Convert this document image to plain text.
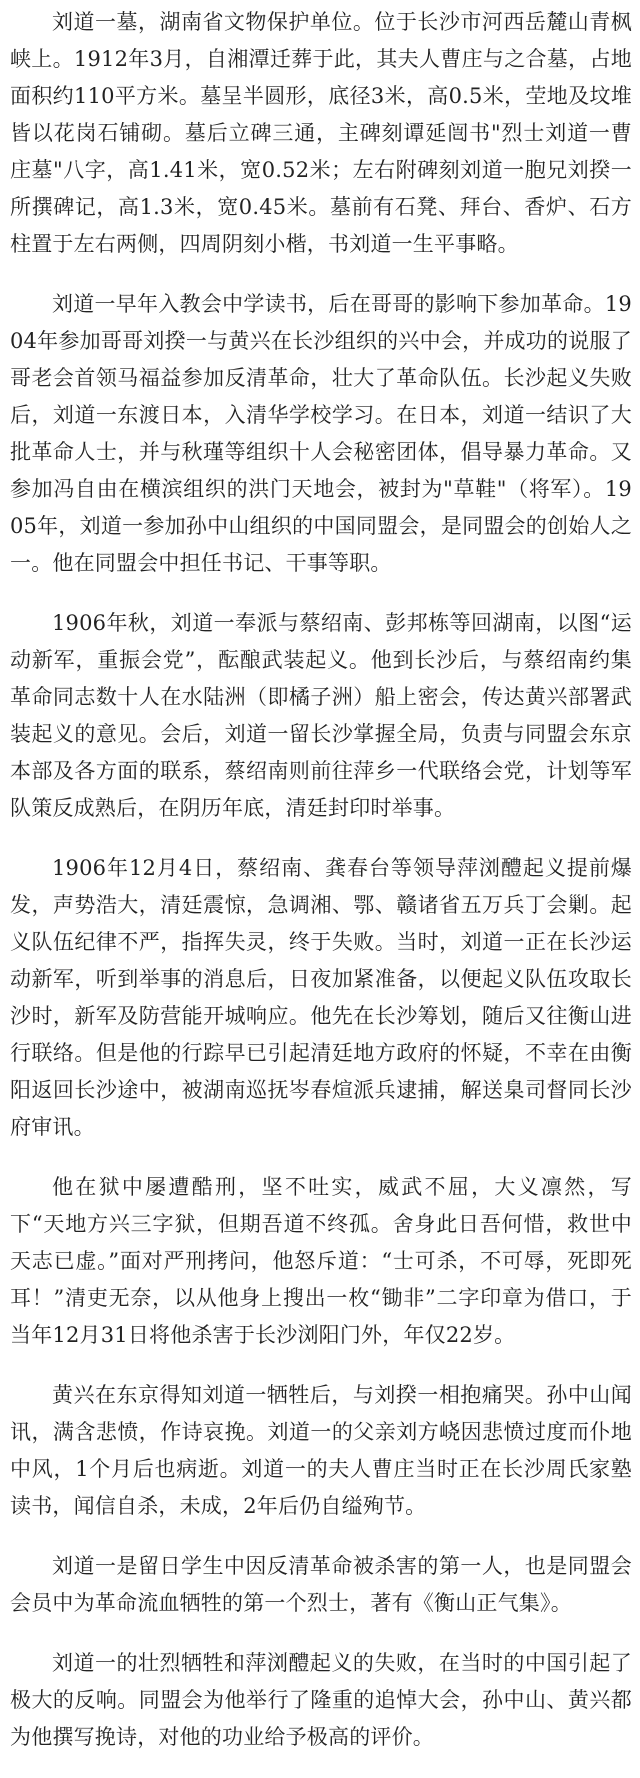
刘道一墓，湖南省文物保护单位。位于长沙市河西岳麓山青枫峡上。1912年3月，自湘潭迁葬于此，其夫人曹庄与之合墓，占地面积约110平方米。墓呈半圆形，底径3米，高0.5米，茔地及坟堆皆以花岗石铺砌。墓后立碑三通，主碑刻谭延闿书"烈士刘道一曹庄墓"八字，高1.41米，宽0.52米；左右附碑刻刘道一胞兄刘揆一所撰碑记，高1.3米，宽0.45米。墓前有石凳、拜台、香炉、石方柱置于左右两侧，四周阴刻小楷，书刘道一生平事略。

刘道一早年入教会中学读书，后在哥哥的影响下参加革命。1904年参加哥哥刘揆一与黄兴在长沙组织的兴中会，并成功的说服了哥老会首领马福益参加反清革命，壮大了革命队伍。长沙起义失败后，刘道一东渡日本，入清华学校学习。在日本，刘道一结识了大批革命人士，并与秋瑾等组织十人会秘密团体，倡导暴力革命。又参加冯自由在横滨组织的洪门天地会，被封为"草鞋"（将军）。1905年，刘道一参加孙中山组织的中国同盟会，是同盟会的创始人之一。他在同盟会中担任书记、干事等职。

1906年秋，刘道一奉派与蔡绍南、彭邦栋等回湖南，以图“运动新军，重振会党”，酝酿武装起义。他到长沙后，与蔡绍南约集革命同志数十人在水陆洲（即橘子洲）船上密会，传达黄兴部署武装起义的意见。会后，刘道一留长沙掌握全局，负责与同盟会东京本部及各方面的联系，蔡绍南则前往萍乡一代联络会党，计划等军队策反成熟后，在阴历年底，清廷封印时举事。

1906年12月4日，蔡绍南、龚春台等领导萍浏醴起义提前爆发，声势浩大，清廷震惊，急调湘、鄂、赣诸省五万兵丁会剿。起义队伍纪律不严，指挥失灵，终于失败。当时，刘道一正在长沙运动新军，听到举事的消息后，日夜加紧准备，以便起义队伍攻取长沙时，新军及防营能开城响应。他先在长沙筹划，随后又往衡山进行联络。但是他的行踪早已引起清廷地方政府的怀疑，不幸在由衡阳返回长沙途中，被湖南巡抚岑春煊派兵逮捕，解送臬司督同长沙府审讯。

他在狱中屡遭酷刑，坚不吐实，威武不屈，大义凛然，写下“天地方兴三字狱，但期吾道不终孤。舍身此日吾何惜，救世中天志已虚。”面对严刑拷问，他怒斥道：“士可杀，不可辱，死即死耳！”清吏无奈，以从他身上搜出一枚“锄非”二字印章为借口，于当年12月31日将他杀害于长沙浏阳门外，年仅22岁。

黄兴在东京得知刘道一牺牲后，与刘揆一相抱痛哭。孙中山闻讯，满含悲愤，作诗哀挽。刘道一的父亲刘方峣因悲愤过度而仆地中风，1个月后也病逝。刘道一的夫人曹庄当时正在长沙周氏家塾读书，闻信自杀，未成，2年后仍自缢殉节。

刘道一是留日学生中因反清革命被杀害的第一人，也是同盟会会员中为革命流血牺牲的第一个烈士，著有《衡山正气集》。

刘道一的壮烈牺牲和萍浏醴起义的失败，在当时的中国引起了极大的反响。同盟会为他举行了隆重的追悼大会，孙中山、黄兴都为他撰写挽诗，对他的功业给予极高的评价。
